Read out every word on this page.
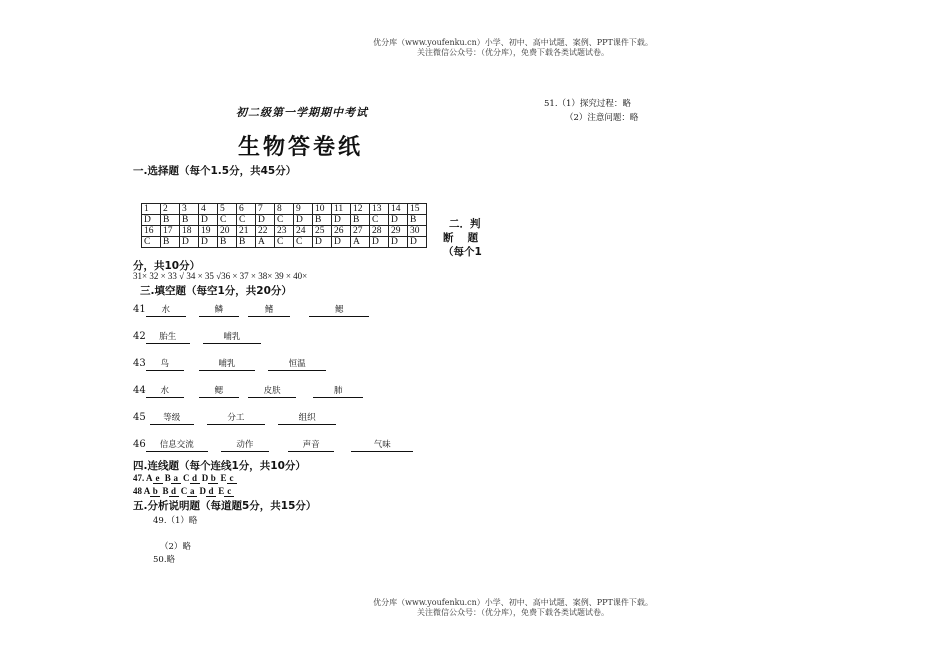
优分库（www.youfenku.cn）小学、初中、高中试题、案例、PPT课件下载。
关注微信公众号：（优分库），免费下载各类试题试卷。
初二级第一学期期中考试
生物答卷纸
51.（1）探究过程：略
（2）注意问题：略
一.选择题（每个1.5分，共45分）
1	2	3	4	5	6	7	8	9	10	11	12	13	14	15
D	B	B	D	C	C	D	C	D	B	D	B	C	D	B
16	17	18	19	20	21	22	23	24	25	26	27	28	29	30
C	B	D	D	B	B	A	C	C	D	D	A	D	D	D
二．判
断　 题
（每个1
分，共10分）
31× 32 × 33 √ 34 × 35 √36 × 37 × 38× 39 × 40×
三.填空题（每空1分，共20分）
41 水	鳞	鳍	鳃
42 胎生	哺乳
43 鸟	哺乳	恒温
44 水	鳃	皮肤	肺
45 等级	分工	组织
46 信息交流	动作	声音	气味
四.连线题（每个连线1分，共10分）
47. A e B a C d D b E c
48 A b B d C a D d E c
五.分析说明题（每道题5分，共15分）
49.（1）略
（2）略
50.略
优分库（www.youfenku.cn）小学、初中、高中试题、案例、PPT课件下载。
关注微信公众号：（优分库），免费下载各类试题试卷。
